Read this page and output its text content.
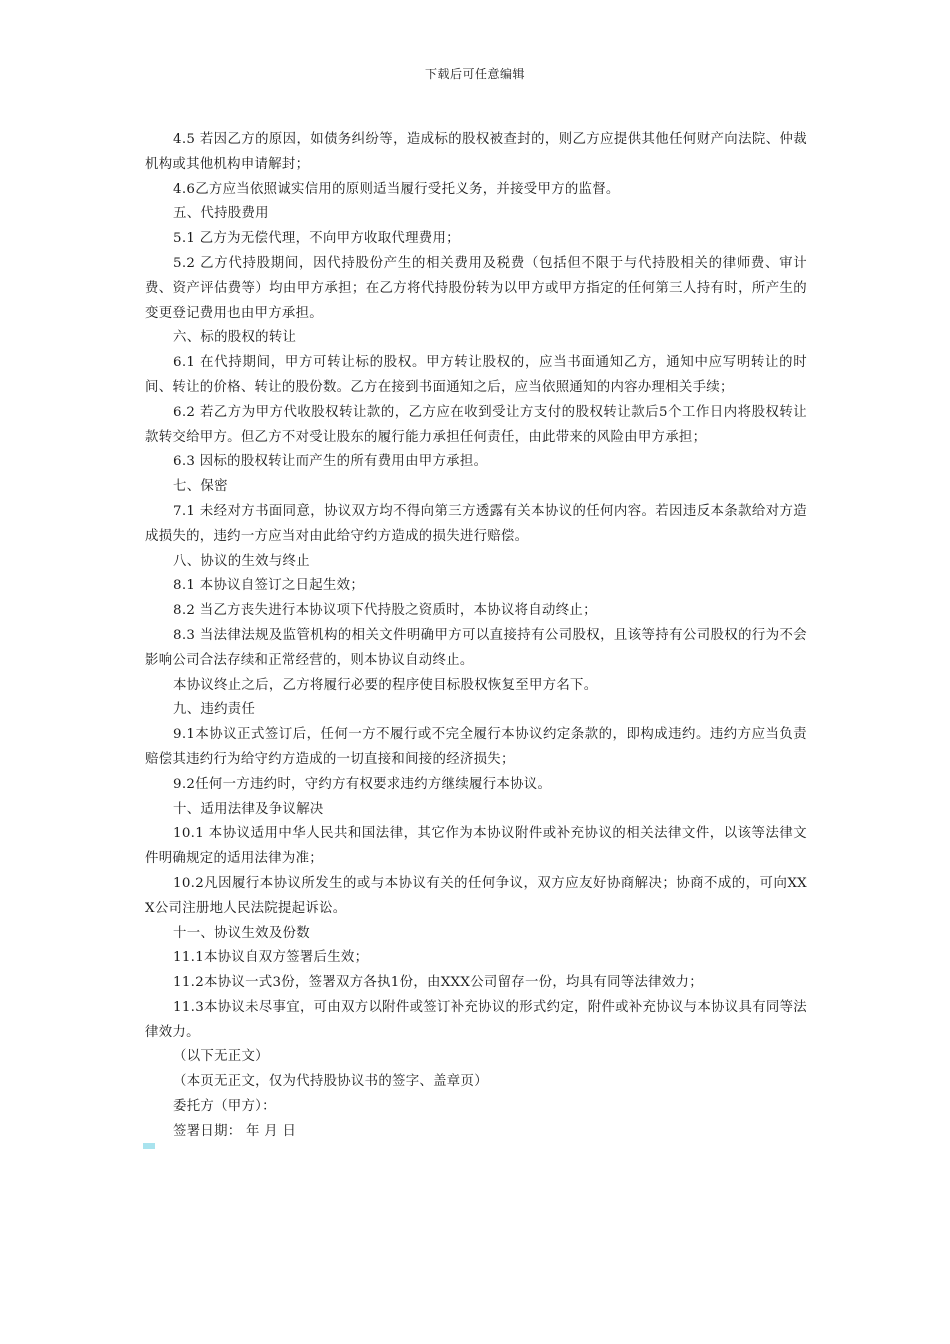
下载后可任意编辑

4.5 若因乙方的原因，如债务纠纷等，造成标的股权被查封的，则乙方应提供其他任何财产向法院、仲裁机构或其他机构申请解封；

4.6乙方应当依照诚实信用的原则适当履行受托义务，并接受甲方的监督。

五、代持股费用

5.1 乙方为无偿代理，不向甲方收取代理费用；

5.2 乙方代持股期间，因代持股份产生的相关费用及税费（包括但不限于与代持股相关的律师费、审计费、资产评估费等）均由甲方承担；在乙方将代持股份转为以甲方或甲方指定的任何第三人持有时，所产生的变更登记费用也由甲方承担。

六、标的股权的转让

6.1 在代持期间，甲方可转让标的股权。甲方转让股权的，应当书面通知乙方，通知中应写明转让的时间、转让的价格、转让的股份数。乙方在接到书面通知之后，应当依照通知的内容办理相关手续；

6.2 若乙方为甲方代收股权转让款的，乙方应在收到受让方支付的股权转让款后5个工作日内将股权转让款转交给甲方。但乙方不对受让股东的履行能力承担任何责任，由此带来的风险由甲方承担；

6.3 因标的股权转让而产生的所有费用由甲方承担。

七、保密

7.1 未经对方书面同意，协议双方均不得向第三方透露有关本协议的任何内容。若因违反本条款给对方造成损失的，违约一方应当对由此给守约方造成的损失进行赔偿。

八、协议的生效与终止

8.1 本协议自签订之日起生效；

8.2 当乙方丧失进行本协议项下代持股之资质时，本协议将自动终止；

8.3 当法律法规及监管机构的相关文件明确甲方可以直接持有公司股权，且该等持有公司股权的行为不会影响公司合法存续和正常经营的，则本协议自动终止。

本协议终止之后，乙方将履行必要的程序使目标股权恢复至甲方名下。

九、违约责任

9.1本协议正式签订后，任何一方不履行或不完全履行本协议约定条款的，即构成违约。违约方应当负责赔偿其违约行为给守约方造成的一切直接和间接的经济损失；

9.2任何一方违约时，守约方有权要求违约方继续履行本协议。

十、适用法律及争议解决

10.1 本协议适用中华人民共和国法律，其它作为本协议附件或补充协议的相关法律文件，以该等法律文件明确规定的适用法律为准；

10.2凡因履行本协议所发生的或与本协议有关的任何争议，双方应友好协商解决；协商不成的，可向XXX公司注册地人民法院提起诉讼。

十一、协议生效及份数

11.1本协议自双方签署后生效；

11.2本协议一式3份，签署双方各执1份，由XXX公司留存一份，均具有同等法律效力；

11.3本协议未尽事宜，可由双方以附件或签订补充协议的形式约定，附件或补充协议与本协议具有同等法律效力。

（以下无正文）

（本页无正文，仅为代持股协议书的签字、盖章页）

委托方（甲方）：

签署日期： 年 月 日
